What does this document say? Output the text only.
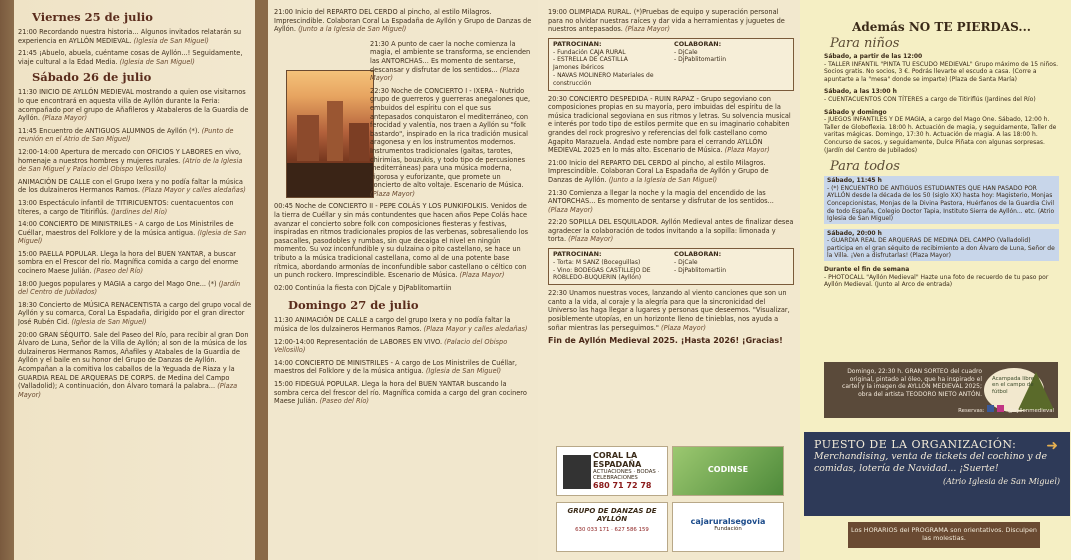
Viernes 25 de julio
21:00 Recordando nuestra historia... Algunos invitados relatarán su experiencia en AYLLÓN MEDIEVAL. (Iglesia de San Miguel)
21:45 ¡Abuelo, abuela, cuéntame cosas de Ayllón...! Seguidamente, viaje cultural a la Edad Media. (Iglesia de San Miguel)
Sábado 26 de julio
11:30 INICIO DE AYLLÓN MEDIEVAL mostrando a quien ose visitarnos lo que encontrará en aquesta villa de Ayllón durante la Feria: acompañado por el grupo de Añafileros y Atabaleros de la Guardia de Ayllón. (Plaza Mayor)
11:45 Encuentro de ANTIGUOS ALUMNOS de Ayllón (*). (Punto de reunión en el Atrio de San Miguel)
12:00-14:00 Apertura de mercado con OFICIOS Y LABORES en vivo, homenaje a nuestros hombres y mujeres rurales. (Atrio de la Iglesia de San Miguel y Palacio del Obispo Vellosillo)
ANIMACIÓN DE CALLE con el Grupo Ixera y no podía faltar la música de los dulzaineros Hermanos Ramos. (Plaza Mayor y calles aledañas)
13:00 Espectáculo infantil de TITIRICUENTOS: cuentacuentos con títeres, a cargo de Titiriflús. (Jardines del Río)
14:00 CONCIERTO DE MINISTRILES - A cargo de Los Ministriles de Cuéllar, maestros del Folklore y de la música antigua. (Iglesia de San Miguel)
15:00 PAELLA POPULAR. Llega la hora del BUEN YANTAR, a buscar sombra en el Frescor del río. Magnífica comida a cargo del enorme cocinero Maese Julián. (Paseo del Río)
18:00 Juegos populares y MAGIA a cargo del Mago One... (*) (Jardín del Centro de Jubilados)
18:30 Concierto de MÚSICA RENACENTISTA a cargo del grupo vocal de Ayllón y su comarca, Coral La Espadaña, dirigido por el gran director José Rubén Cid. (Iglesia de San Miguel)
20:00 GRAN SÉQUITO. Sale del Paseo del Río, para recibir al gran Don Álvaro de Luna, Señor de la Villa de Ayllón; al son de la música de los dulzaineros Hermanos Ramos, Añafiles y Atabales de la Guardia de Ayllón y el baile en su honor del Grupo de Danzas de Ayllón. Acompañan a la comitiva los caballos de la Yeguada de Riaza y la GUARDIA REAL DE ARQUERAS DE CORPS. de Medina del Campo (Valladolid); A continuación, don Álvaro tomará la palabra... (Plaza Mayor)
21:00 Inicio del REPARTO DEL CERDO al pincho, al estilo Milagros. Imprescindible. Colaboran Coral La Espadaña de Ayllón y Grupo de Danzas de Ayllón. (Junto a la Iglesia de San Miguel)
21:30 A punto de caer la noche comienza la magia, el ambiente se transforma, se encienden las ANTORCHAS... Es momento de sentarse, descansar y disfrutar de los sentidos... (Plaza Mayor)
22:30 Noche de CONCIERTO I - IXERA - Nutrido grupo de guerreros y guerreras anegalones que, embuidos del espíritu con el que sus antepasados conquistaron el mediterráneo, con ferocidad y valentía, nos traen a Ayllón su "folk bastardo", inspirado en la rica tradición musical aragonesa y en los instrumentos modernos. Instrumentos tradicionales (gaitas, tarotes, chirimías, bouzukis, y todo tipo de percusiones mediterráneas) para una música moderna, vigorosa y euforizante, que promete un concierto de alto voltaje. Escenario de Música. (Plaza Mayor)
00:45 Noche de CONCIERTO II - PEPE COLÁS Y LOS PUNKIFOLKIS. Venidos de la tierra de Cuéllar y sin más contundentes que hacen años Pepe Colás hace avanzar el concierto sobre folk con composiciones fiesteras y festivas, inspiradas en ritmos tradicionales propios de las verbenas, sobresaliendo los pasacalles, pasodobles y rumbas, sin que decaiga el nivel en ningún momento. Su voz inconfundible y su dulzaina o pito castellano, se hace un tributo a la música tradicional castellana, como al de una potente base rítmica, abordando armonías de inconfundible sabor castellano o céltico con un punch rockero. Imprescindible. Escenario de Música. (Plaza Mayor)
02:00 Continúa la fiesta con DjCale y DjPablitomartiin
Domingo 27 de julio
11:30 ANIMACIÓN DE CALLE a cargo del grupo Ixera y no podía faltar la música de los dulzaineros Hermanos Ramos. (Plaza Mayor y calles aledañas)
12:00-14:00 Representación de LABORES EN VIVO. (Palacio del Obispo Vellosillo)
14:00 CONCIERTO DE MINISTRILES - A cargo de Los Ministriles de Cuéllar, maestros del Folklore y de la música antigua. (Iglesia de San Miguel)
15:00 FIDEGUÁ POPULAR. Llega la hora del BUEN YANTAR buscando la sombra cerca del frescor del río. Magnífica comida a cargo del gran cocinero Maese Julián. (Paseo del Río)
19:00 OLIMPIADA RURAL. (*)Pruebas de equipo y superación personal para no olvidar nuestras raíces y dar vida a herramientas y juguetes de nuestros antepasados. (Plaza Mayor)
PATROCINAN:
- Fundación CAJA RURAL
- ESTRELLA DE CASTILLA
Jamones ibéricos
- NAVAS MOLINERO Materiales de construcción
COLABORAN:
- DjCale
- DjPablitomartiin
20:30 CONCIERTO DESPEDIDA - RUIN RAPAZ - Grupo segoviano con composiciones propias en su mayoría, pero imbuidas del espíritu de la música tradicional segoviana en sus ritmos y letras. Su solvencia musical e interés por todo tipo de estilos permite que en su imaginario cohabiten grandes del rock progresivo y referencias del folk castellano como Agapito Marazuela. Andad este nombre para el cerrando AYLLÓN MEDIEVAL 2025 en lo más alto. Escenario de Música. (Plaza Mayor)
21:00 Inicio del REPARTO DEL CERDO al pincho, al estilo Milagros. Imprescindible. Colaboran Coral La Espadaña de Ayllón y Grupo de Danzas de Ayllón. (Junto a la Iglesia de San Miguel)
21:30 Comienza a llegar la noche y la magia del encendido de las ANTORCHAS... Es momento de sentarse y disfrutar de los sentidos... (Plaza Mayor)
22:20 SOPILLA DEL ESQUILADOR. Ayllón Medieval antes de finalizar desea agradecer la colaboración de todos invitando a la sopilla: limonada y torta. (Plaza Mayor)
PATROCINAN:
- Torta: M SANZ (Boceguillas)
- Vino: BODEGAS CASTILLEJO DE ROBLEDO-BUQUERIN (Ayllón)
COLABORAN:
- DjCale
- DjPablitomartiin
22:30 Unamos nuestras voces, lanzando al viento canciones que son un canto a la vida, al coraje y la alegría para que la sincronicidad del Universo las haga llegar a lugares y personas que deseemos. "Visualizar, posiblemente utopías, en un horizonte lleno de tinieblas, nos ayuda a soñar mientras las perseguimos." (Plaza Mayor)
Fin de Ayllón Medieval 2025. ¡Hasta 2026! ¡Gracias!
CORAL LA ESPADAÑA
ACTUACIONES · BODAS · CELEBRACIONES
680 71 72 78
CODINSE
GRUPO DE DANZAS DE AYLLÓN
630 033 171 · 627 586 159
cajaruralsegovia
Fundación
Además NO TE PIERDAS...
Para niños
Sábado, a partir de las 12:00
- TALLER INFANTIL "PINTA TU ESCUDO MEDIEVAL" Grupo máximo de 15 niños. Socios gratis. No socios, 3 €. Podrás llevarte el escudo a casa. (Corre a apuntarte a la "mesa" donde se imparte) (Plaza de Santa María)
Sábado, a las 13:00 h
- CUENTACUENTOS CON TÍTERES a cargo de Titiriflús (Jardines del Río)
Sábado y domingo
- JUEGOS INFANTILES Y DE MAGIA, a cargo del Mago One. Sábado, 12:00 h. Taller de Globoflexia. 18:00 h. Actuación de magia, y seguidamente, Taller de varitas mágicas. Domingo, 17:30 h. Actuación de magia. A las 18:00 h. Concurso de sacos, y seguidamente, Dulce Piñata con algunas sorpresas. (Jardín del Centro de Jubilados)
Para todos
Sábado, 11:45 h
- (*) ENCUENTRO DE ANTIGUOS ESTUDIANTES QUE HAN PASADO POR AYLLÓN desde la década de los 50 (siglo XX) hasta hoy: Magisterio, Monjas Concepcionistas, Monjas de la Divina Pastora, Huérfanos de la Guardia Civil de todo España, Colegio Doctor Tapia, Instituto Sierra de Ayllón... etc. (Atrio Iglesia de San Miguel)
Sábado, 20:00 h
- GUARDIA REAL DE ARQUERAS DE MEDINA DEL CAMPO (Valladolid) participa en el gran séquito de recibimiento a don Álvaro de Luna, Señor de la Villa. ¡Ven a disfrutarlas! (Plaza Mayor)
Durante el fin de semana
- PHOTOCALL "Ayllón Medieval" Hazte una foto de recuerdo de tu paso por Ayllón Medieval. (Junto al Arco de entrada)
Domingo, 22:30 h. GRAN SORTEO del cuadro original, pintado al óleo, que ha inspirado el cartel y la imagen de AYLLÓN MEDIEVAL 2025; obra del artista TEODORO NIETO ANTÓN.
Acampada libre en el campo de fútbol
Reservas:	@ayllonmedieval
➜
PUESTO DE LA ORGANIZACIÓN:
Merchandising, venta de tickets del cochino y de comidas, lotería de Navidad... ¡Suerte!
(Atrio Iglesia de San Miguel)
Los HORARIOS del PROGRAMA son orientativos. Disculpen las molestias.
